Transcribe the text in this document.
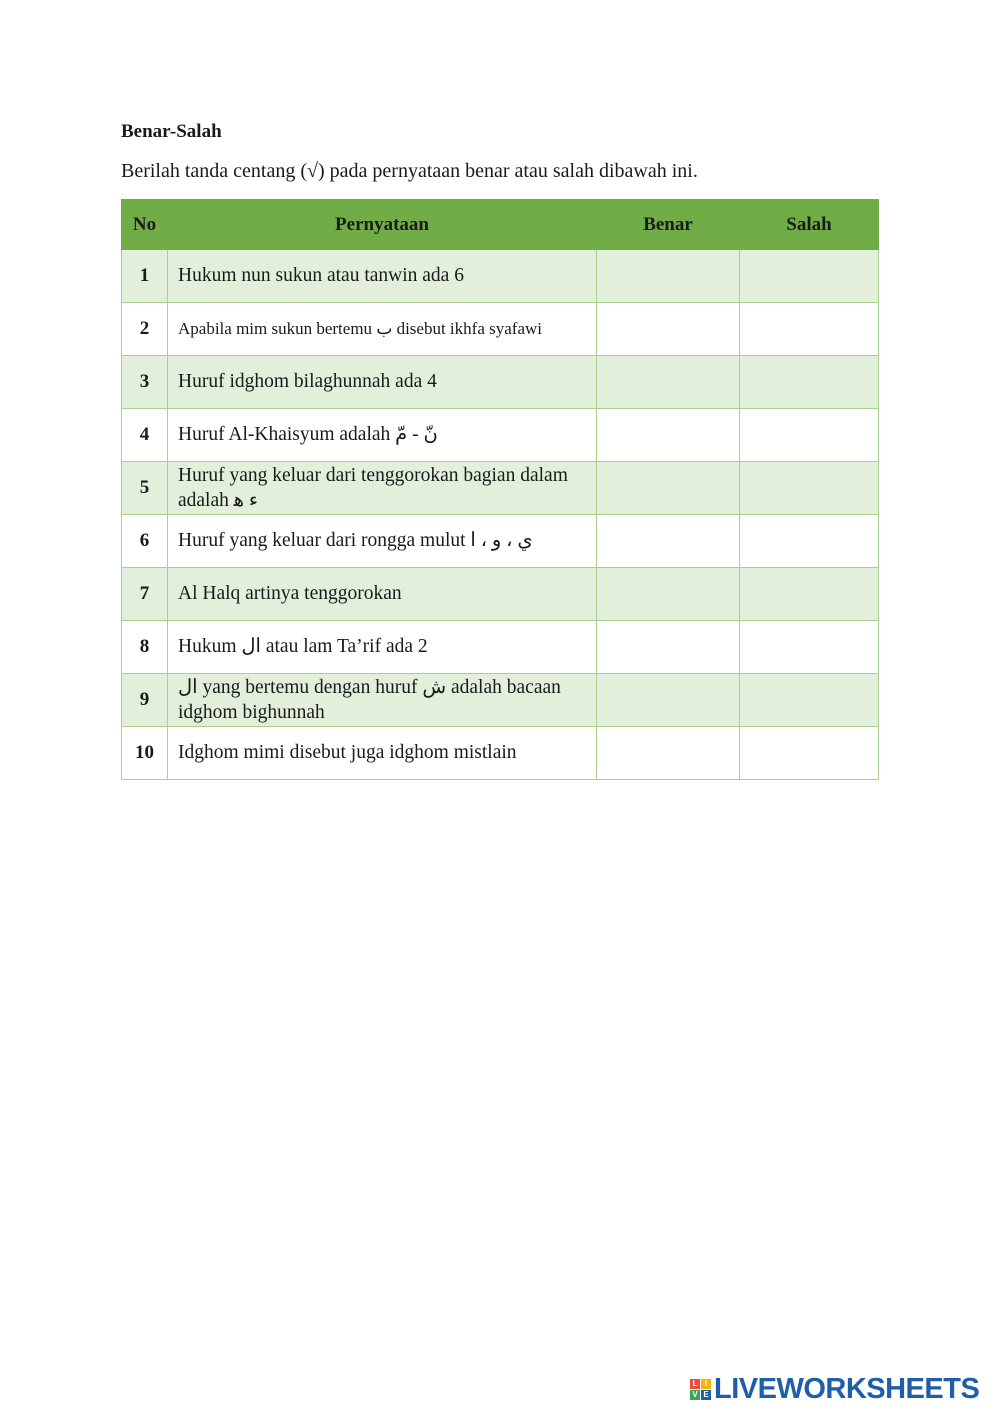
Benar-Salah
Berilah tanda centang (√) pada pernyataan benar atau salah dibawah ini.
No	Pernyataan	Benar	Salah
1	Hukum nun sukun atau tanwin ada 6		
2	Apabila mim sukun bertemu ب disebut ikhfa syafawi		
3	Huruf idghom bilaghunnah ada 4		
4	Huruf Al-Khaisyum adalah نّ - مّ		
5	Huruf yang keluar dari tenggorokan bagian dalam adalah ء ﻫ		
6	Huruf yang keluar dari rongga mulut ي ، و ، ا		
7	Al Halq artinya tenggorokan		
8	Hukum ال atau lam Ta’rif ada 2		
9	ال yang bertemu dengan huruf ش adalah bacaan idghom bighunnah		
10	Idghom mimi disebut juga idghom mistlain		
L I
V E LIVEWORKSHEETS
